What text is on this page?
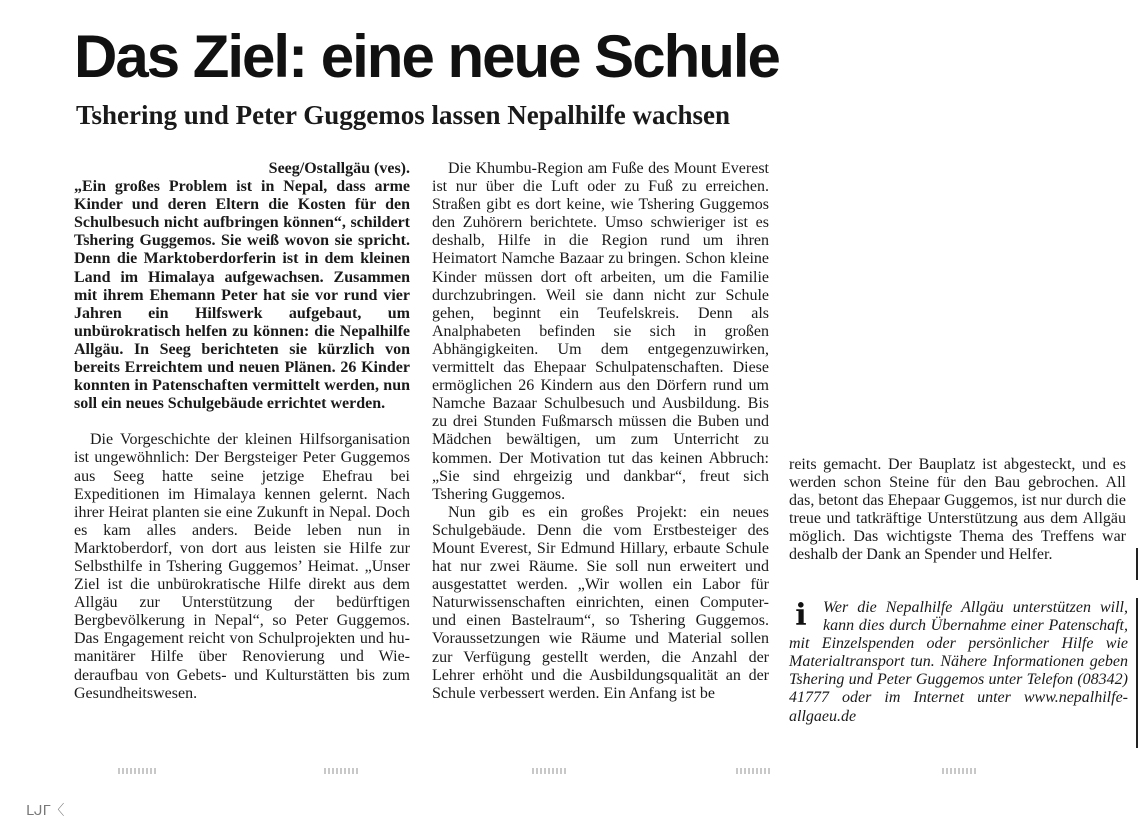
Das Ziel: eine neue Schule
Tshering und Peter Guggemos lassen Nepalhilfe wachsen

Seeg/Ostallgäu (ves).

„Ein großes Problem ist in Nepal, dass arme Kinder und deren Eltern die Kosten für den Schulbesuch nicht aufbringen können“, schildert Tshering Guggemos. Sie weiß wovon sie spricht. Denn die Marktoberdorferin ist in dem kleinen Land im Himalaya aufgewachsen. Zusammen mit ihrem Ehemann Peter hat sie vor rund vier Jahren ein Hilfswerk aufgebaut, um unbürokratisch helfen zu können: die Nepalhilfe Allgäu. In Seeg berichteten sie kürzlich von bereits Erreichtem und neuen Plänen. 26 Kinder konnten in Patenschaften vermittelt werden, nun soll ein neues Schulgebäude errichtet werden.

Die Vorgeschichte der kleinen Hilfsorganisation ist ungewöhnlich: Der Bergsteiger Peter Guggemos aus Seeg hatte seine jetzige Ehefrau bei Expeditionen im Himalaya kennen gelernt. Nach ihrer Heirat planten sie eine Zukunft in Nepal. Doch es kam alles anders. Beide leben nun in Marktoberdorf, von dort aus leisten sie Hilfe zur Selbsthilfe in Tshering Guggemos’ Heimat. „Unser Ziel ist die unbürokratische Hilfe direkt aus dem Allgäu zur Unterstützung der bedürftigen Bergbevölkerung in Nepal“, so Peter Guggemos. Das Engagement reicht von Schulprojekten und humanitärer Hilfe über Renovierung und Wiederaufbau von Gebets- und Kulturstätten bis zum Gesundheitswesen.

Die Khumbu-Region am Fuße des Mount Everest ist nur über die Luft oder zu Fuß zu erreichen. Straßen gibt es dort keine, wie Tshering Guggemos den Zuhörern berichtete. Umso schwieriger ist es deshalb, Hilfe in die Region rund um ihren Heimatort Namche Bazaar zu bringen. Schon kleine Kinder müssen dort oft arbeiten, um die Familie durchzubringen. Weil sie dann nicht zur Schule gehen, beginnt ein Teufelskreis. Denn als Analphabeten befinden sie sich in großen Abhängigkeiten. Um dem entgegenzuwirken, vermittelt das Ehepaar Schulpatenschaften. Diese ermöglichen 26 Kindern aus den Dörfern rund um Namche Bazaar Schulbesuch und Ausbildung. Bis zu drei Stunden Fußmarsch müssen die Buben und Mädchen bewältigen, um zum Unterricht zu kommen. Der Motivation tut das keinen Abbruch: „Sie sind ehrgeizig und dankbar“, freut sich Tshering Guggemos.

Nun gib es ein großes Projekt: ein neues Schulgebäude. Denn die vom Erstbesteiger des Mount Everest, Sir Edmund Hillary, erbaute Schule hat nur zwei Räume. Sie soll nun erweitert und ausgestattet werden. „Wir wollen ein Labor für Naturwissenschaften einrichten, einen Computer- und einen Bastelraum“, so Tshering Guggemos. Voraussetzungen wie Räume und Material sollen zur Verfügung gestellt werden, die Anzahl der Lehrer erhöht und die Ausbildungsqualität an der Schule verbessert werden. Ein Anfang ist be

reits gemacht. Der Bauplatz ist abgesteckt, und es werden schon Steine für den Bau gebrochen. All das, betont das Ehepaar Guggemos, ist nur durch die treue und tatkräftige Unterstützung aus dem Allgäu möglich. Das wichtigste Thema des Treffens war deshalb der Dank an Spender und Helfer.

i	Wer die Nepalhilfe Allgäu unterstützen will, kann dies durch Übernahme einer Patenschaft, mit Einzelspenden oder persönlicher Hilfe wie Materialtransport tun. Nähere Informationen geben Tshering und Peter Guggemos unter Telefon (08342) 41777 oder im Internet unter www.nepalhilfe-allgaeu.de
ᒪᒍᒥ〈
